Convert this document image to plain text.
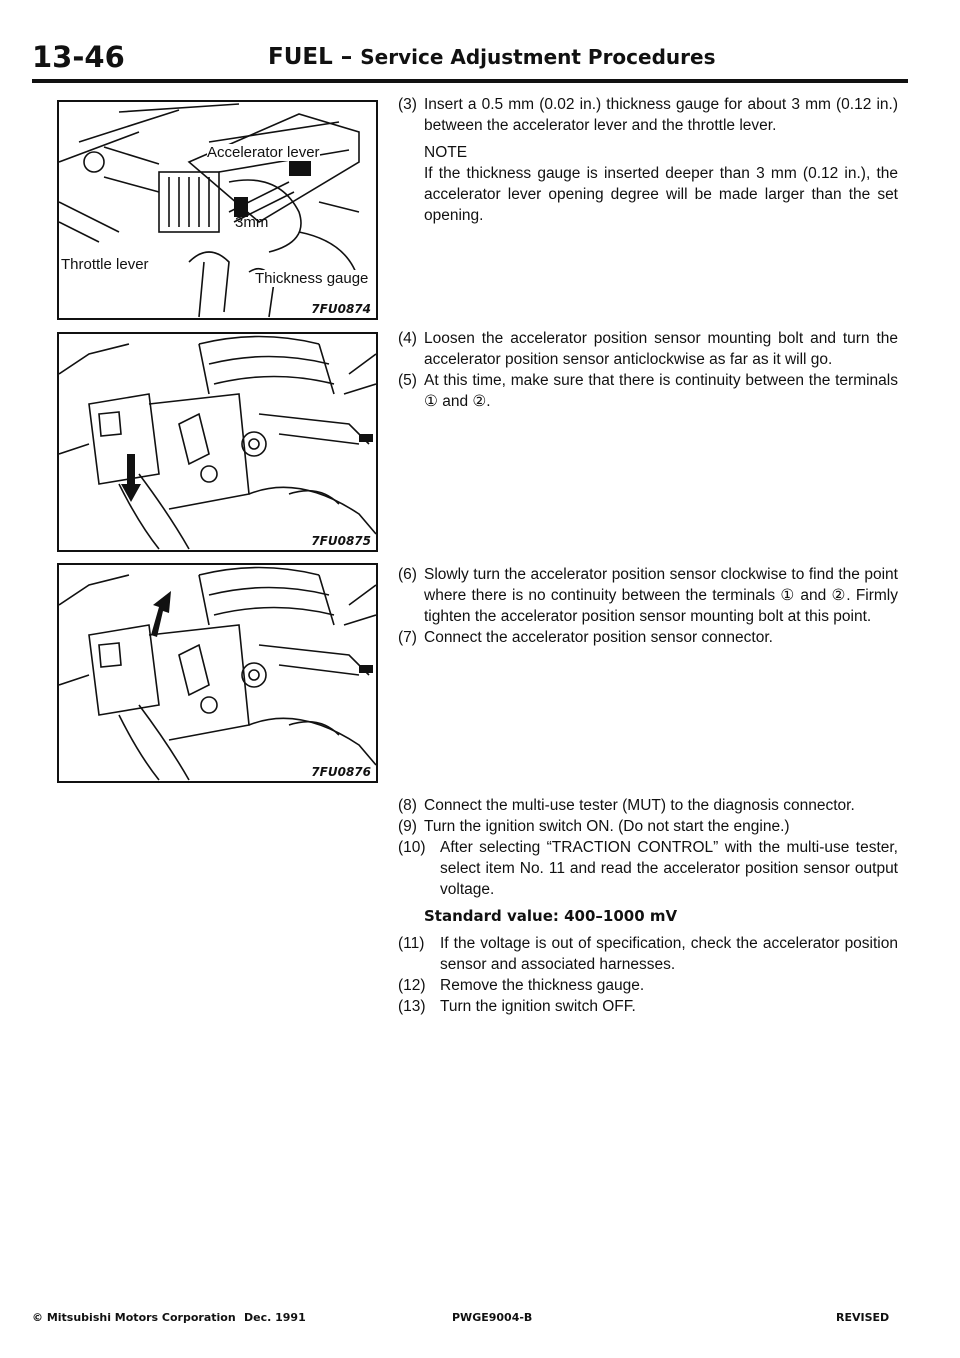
13-46	FUEL – Service Adjustment Procedures
Accelerator lever
3mm
Throttle lever
Thickness gauge
7FU0874
7FU0875
7FU0876
(3) Insert a 0.5 mm (0.02 in.) thickness gauge for about 3 mm (0.12 in.) between the accelerator lever and the throttle lever.
NOTE
If the thickness gauge is inserted deeper than 3 mm (0.12 in.), the accelerator lever opening degree will be made larger than the set opening.
(4) Loosen the accelerator position sensor mounting bolt and turn the accelerator position sensor anticlockwise as far as it will go.
(5) At this time, make sure that there is continuity between the terminals ① and ②.
(6) Slowly turn the accelerator position sensor clockwise to find the point where there is no continuity between the terminals ① and ②. Firmly tighten the accelerator position sensor mounting bolt at this point.
(7) Connect the accelerator position sensor connector.
(8) Connect the multi-use tester (MUT) to the diagnosis connector.
(9) Turn the ignition switch ON. (Do not start the engine.)
(10) After selecting “TRACTION CONTROL” with the multi-use tester, select item No. 11 and read the accelerator position sensor output voltage.
Standard value: 400–1000 mV
(11)	If the voltage is out of specification, check the accelerator position sensor and associated harnesses.
(12) Remove the thickness gauge.
(13) Turn the ignition switch OFF.
© Mitsubishi Motors Corporation Dec. 1991	PWGE9004-B	REVISED
